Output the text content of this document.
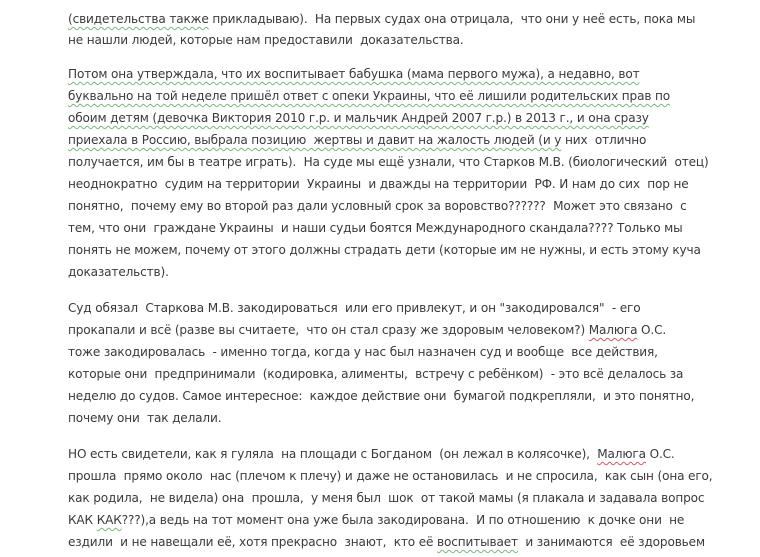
(свидетельства также прикладываю).  На первых судах она отрицала,  что они у неё есть, пока мы
не нашли людей, которые нам предоставили  доказательства.
Потом она утверждала, что их воспитывает бабушка (мама первого мужа), а недавно, вот
буквально на той неделе пришёл ответ с опеки Украины, что её лишили родительских прав по
обоим детям (девочка Виктория 2010 г.р. и мальчик Андрей 2007 г.р.) в 2013 г., и она сразу
приехала в Россию, выбрала позицию  жертвы и давит на жалость людей (и у них  отлично
получается, им бы в театре играть).  На суде мы ещё узнали, что Старков М.В. (биологический  отец)
неоднократно  судим на территории  Украины  и дважды на территории  РФ. И нам до сих  пор не
понятно,  почему ему во второй раз дали условный срок за воровство??????  Может это связано  с
тем, что они  граждане Украины  и наши судьи боятся Международного скандала???? Только мы
понять не можем, почему от этого должны страдать дети (которые им не нужны, и есть этому куча
доказательств).
Суд обязал  Старкова М.В. закодироваться  или его привлекут, и он "закодировался"  - его
прокапали и всё (разве вы считаете,  что он стал сразу же здоровым человеком?) Малюга О.С.
тоже закодировалась  - именно тогда, когда у нас был назначен суд и вообще  все действия,
которые они  предпринимали  (кодировка, алименты,  встречу с ребёнком)  - это всё делалось за
неделю до судов. Самое интересное:  каждое действие они  бумагой подкрепляли,  и это понятно,
почему они  так делали.
НО есть свидетели, как я гуляла  на площади с Богданом  (он лежал в колясочке),  Малюга О.С.
прошла  прямо около  нас (плечом к плечу) и даже не остановилась  и не спросила,  как сын (она его,
как родила,  не видела) она  прошла,  у меня был  шок  от такой мамы (я плакала и задавала вопрос
КАК КАК???),а ведь на тот момент она уже была закодирована.  И по отношению  к дочке они  не
ездили  и не навещали её, хотя прекрасно  знают,  кто её воспитывает  и занимаются  её здоровьем
